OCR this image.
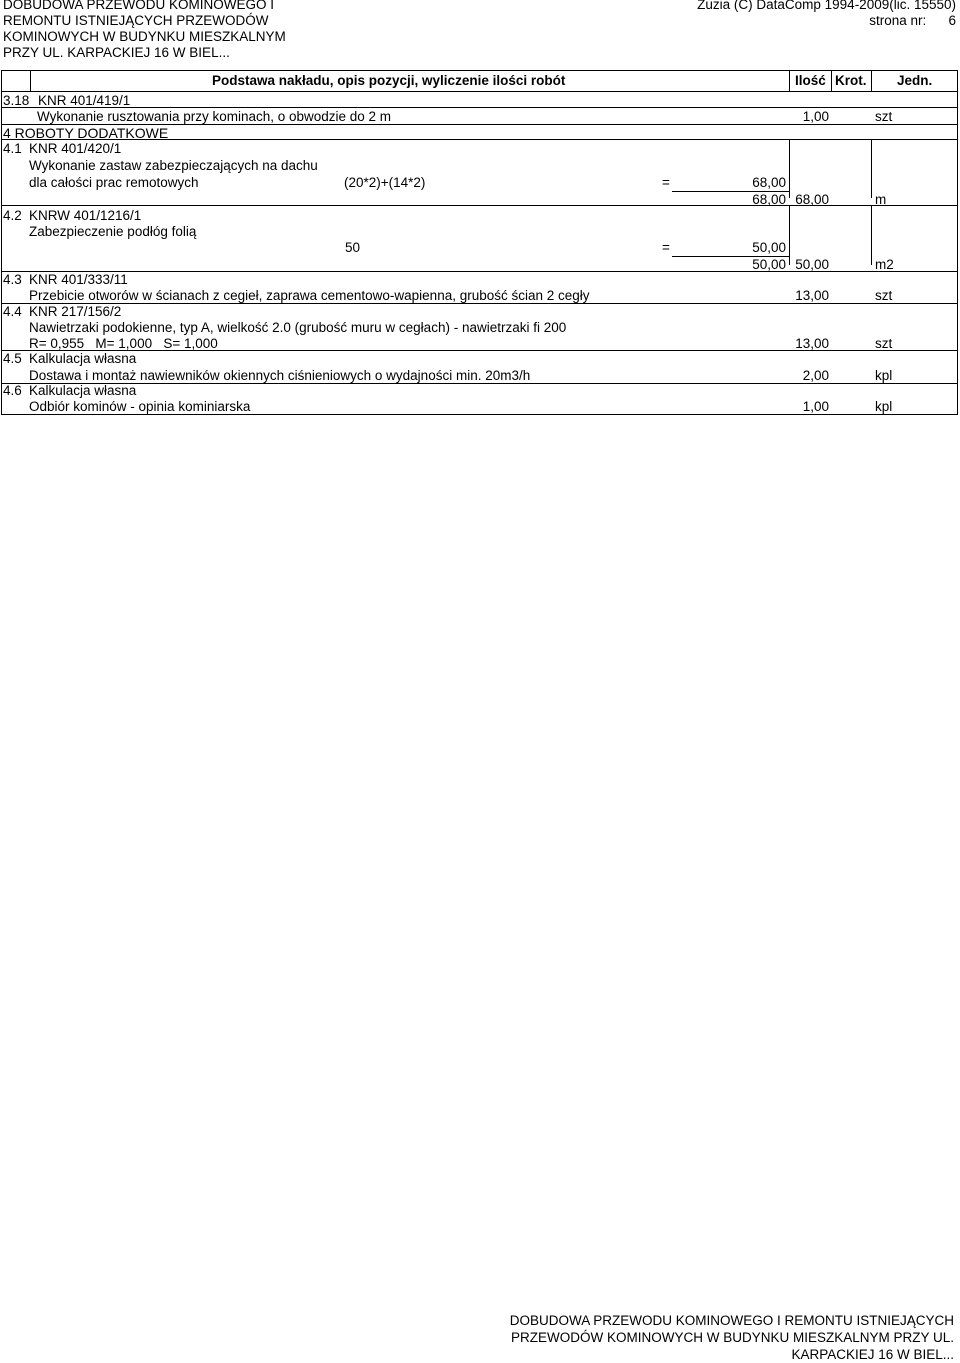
DOBUDOWA PRZEWODU KOMINOWEGO I
REMONTU ISTNIEJĄCYCH PRZEWODÓW
KOMINOWYCH W BUDYNKU MIESZKALNYM
PRZY UL. KARPACKIEJ 16 W BIEL...
Zuzia (C) DataComp 1994-2009(lic. 15550)
strona nr: 6
Podstawa nakładu, opis pozycji, wyliczenie ilości robót	Ilość Krot. Jedn.
3.18 KNR 401/419/1
Wykonanie rusztowania przy kominach, o obwodzie do 2 m	1,00	szt
4 ROBOTY DODATKOWE
4.1 KNR 401/420/1
Wykonanie zastaw zabezpieczających na dachu
dla całości prac remotowych	(20*2)+(14*2)	=	68,00
68,00 68,00	m
4.2 KNRW 401/1216/1
Zabezpieczenie podłóg folią
50	=	50,00
50,00 50,00	m2
4.3 KNR 401/333/11
Przebicie otworów w ścianach z cegieł, zaprawa cementowo-wapienna, grubość ścian 2 cegły	13,00	szt
4.4 KNR 217/156/2
Nawietrzaki podokienne, typ A, wielkość 2.0 (grubość muru w cegłach) - nawietrzaki fi 200
R= 0,955   M= 1,000   S= 1,000	13,00	szt
4.5 Kalkulacja własna
Dostawa i montaż nawiewników okiennych ciśnieniowych o wydajności min. 20m3/h	2,00	kpl
4.6 Kalkulacja własna
Odbiór kominów - opinia kominiarska	1,00	kpl
DOBUDOWA PRZEWODU KOMINOWEGO I REMONTU ISTNIEJĄCYCH
PRZEWODÓW KOMINOWYCH W BUDYNKU MIESZKALNYM PRZY UL.
KARPACKIEJ 16 W BIEL...
